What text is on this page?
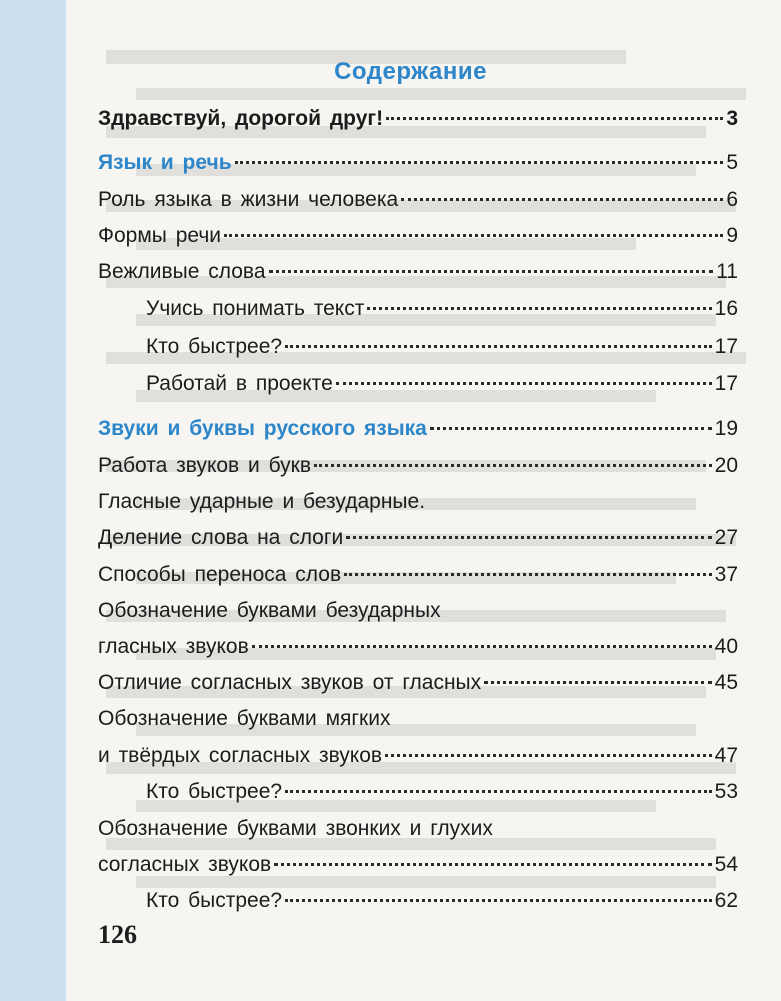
Содержание
Здравствуй, дорогой друг!	3
Язык и речь	5
Роль языка в жизни человека	6
Формы речи	9
Вежливые слова	11
Учись понимать текст	16
Кто быстрее?	17
Работай в проекте	17
Звуки и буквы русского языка	19
Работа звуков и букв	20
Гласные ударные и безударные.
Деление слова на слоги	27
Способы переноса слов	37
Обозначение буквами безударных
гласных звуков	40
Отличие согласных звуков от гласных	45
Обозначение буквами мягких
и твёрдых согласных звуков	47
Кто быстрее?	53
Обозначение буквами звонких и глухих
согласных звуков	54
Кто быстрее?	62
126
